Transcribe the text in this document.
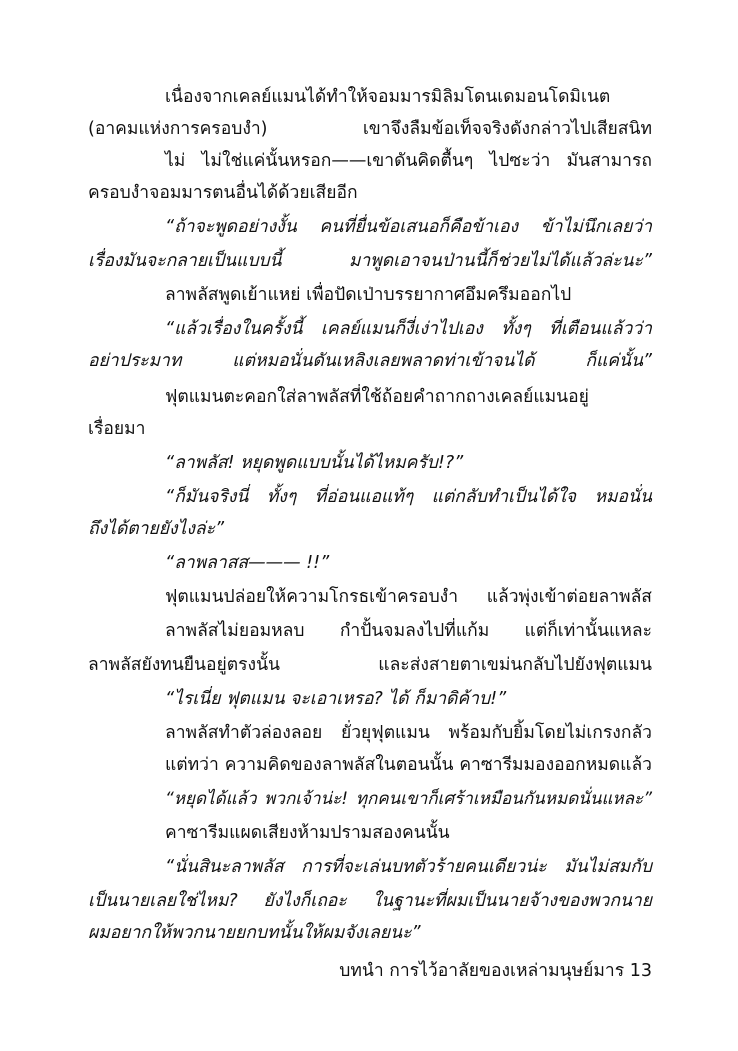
เนื่องจากเคลย์แมนได้ทำให้จอมมารมิลิมโดนเดมอนโดมิเนต
(อาคมแห่งการครอบงำ) เขาจึงลืมข้อเท็จจริงดังกล่าวไปเสียสนิท
ไม่ ไม่ใช่แค่นั้นหรอก——เขาดันคิดตื้นๆ ไปซะว่า มันสามารถ
ครอบงำจอมมารตนอื่นได้ด้วยเสียอีก
“ถ้าจะพูดอย่างงั้น คนที่ยื่นข้อเสนอก็คือข้าเอง ข้าไม่นึกเลยว่า
เรื่องมันจะกลายเป็นแบบนี้ มาพูดเอาจนป่านนี้ก็ช่วยไม่ได้แล้วล่ะนะ”
ลาพลัสพูดเย้าแหย่ เพื่อปัดเป่าบรรยากาศอึมครึมออกไป
“แล้วเรื่องในครั้งนี้ เคลย์แมนก็งี่เง่าไปเอง ทั้งๆ ที่เตือนแล้วว่า
อย่าประมาท แต่หมอนั่นดันเหลิงเลยพลาดท่าเข้าจนได้ ก็แค่นั้น”
ฟุตแมนตะคอกใส่ลาพลัสที่ใช้ถ้อยคำถากถางเคลย์แมนอยู่
เรื่อยมา
“ลาพลัส! หยุดพูดแบบนั้นได้ไหมครับ!?”
“ก็มันจริงนี่ ทั้งๆ ที่อ่อนแอแท้ๆ แต่กลับทำเป็นได้ใจ หมอนั่น
ถึงได้ตายยังไงล่ะ”
“ลาพลาสส——— !!”
ฟุตแมนปล่อยให้ความโกรธเข้าครอบงำ แล้วพุ่งเข้าต่อยลาพลัส
ลาพลัสไม่ยอมหลบ กำปั้นจมลงไปที่แก้ม แต่ก็เท่านั้นแหละ
ลาพลัสยังทนยืนอยู่ตรงนั้น และส่งสายตาเขม่นกลับไปยังฟุตแมน
“ไรเนี่ย ฟุตแมน จะเอาเหรอ? ได้ ก็มาดิค้าบ!”
ลาพลัสทำตัวล่องลอย ยั่วยุฟุตแมน พร้อมกับยิ้มโดยไม่เกรงกลัว
แต่ทว่า ความคิดของลาพลัสในตอนนั้น คาซารีมมองออกหมดแล้ว
“หยุดได้แล้ว พวกเจ้าน่ะ! ทุกคนเขาก็เศร้าเหมือนกันหมดนั่นแหละ”
คาซารีมแผดเสียงห้ามปรามสองคนนั้น
“นั่นสินะลาพลัส การที่จะเล่นบทตัวร้ายคนเดียวน่ะ มันไม่สมกับ
เป็นนายเลยใช่ไหม? ยังไงก็เถอะ ในฐานะที่ผมเป็นนายจ้างของพวกนาย
ผมอยากให้พวกนายยกบทนั้นให้ผมจังเลยนะ”
บทนำ การไว้อาลัยของเหล่ามนุษย์มาร 13
